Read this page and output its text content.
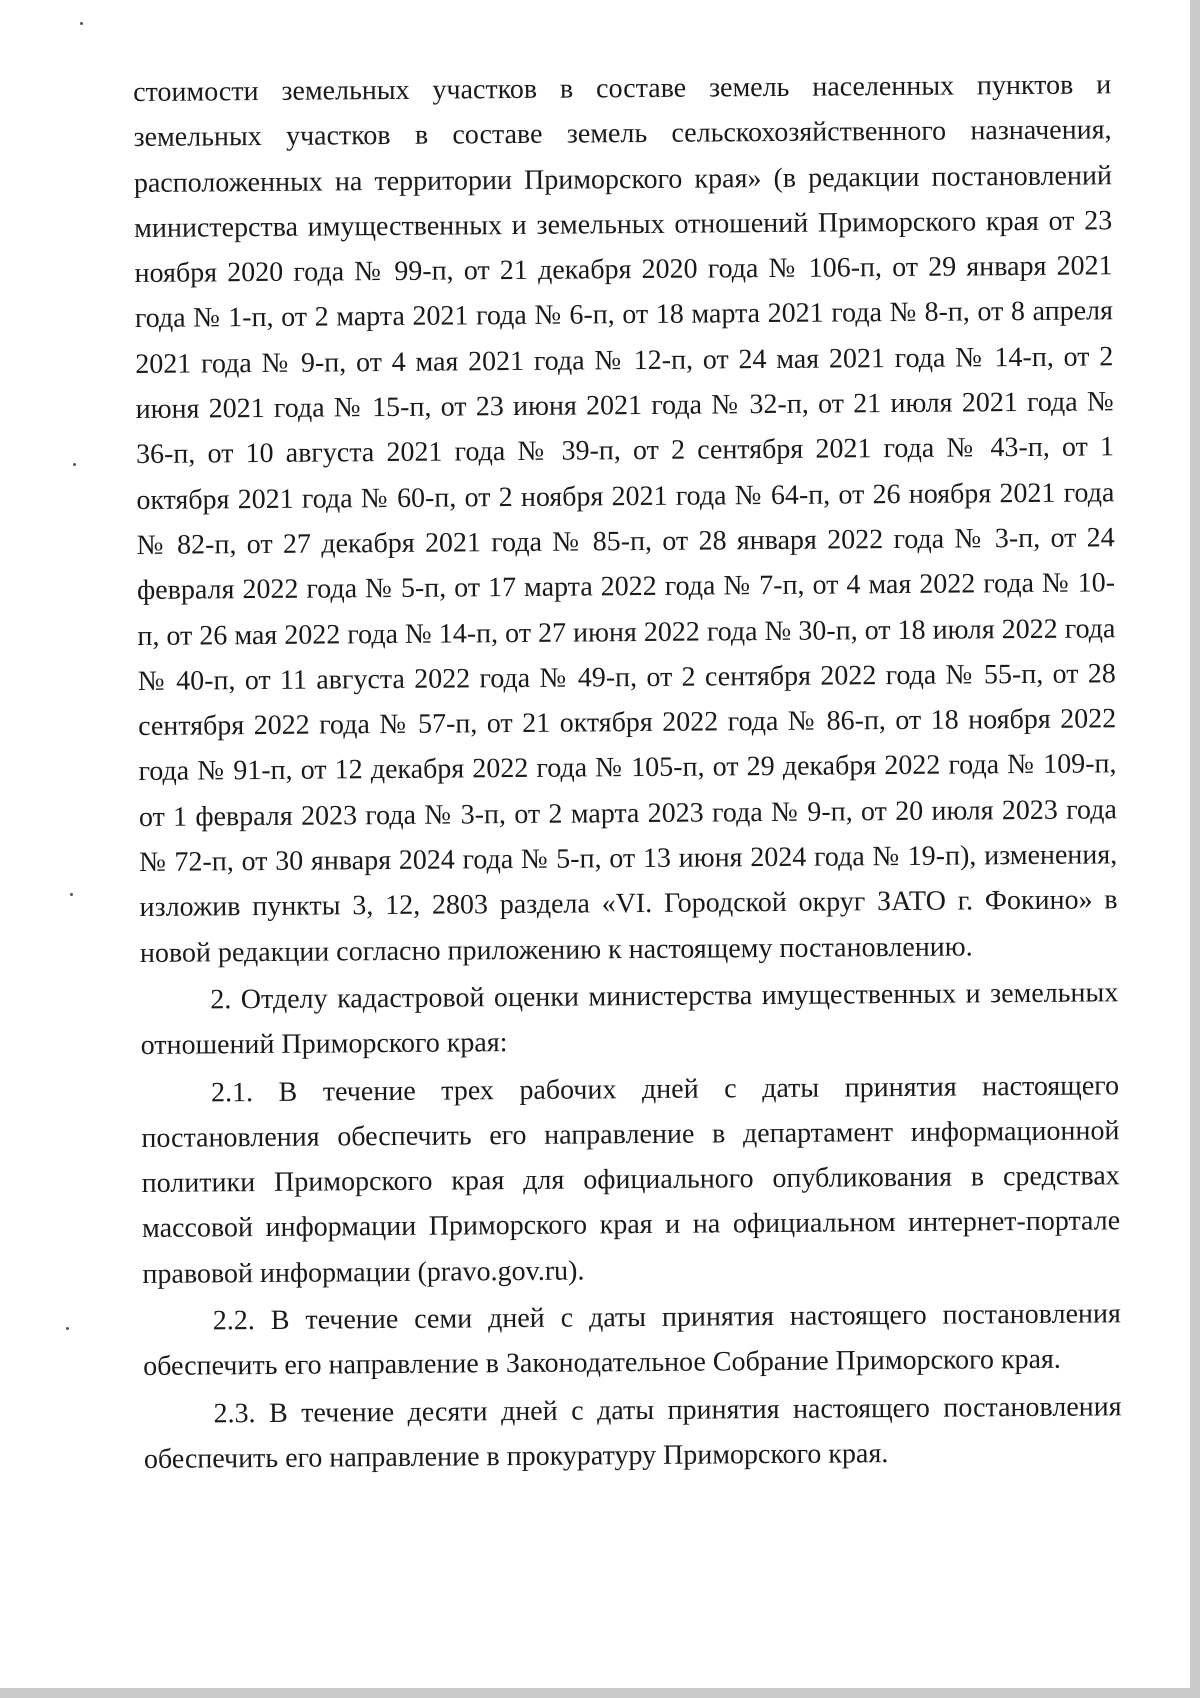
стоимости земельных участков в составе земель населенных пунктов и земельных участков в составе земель сельскохозяйственного назначения, расположенных на территории Приморского края» (в редакции постановлений министерства имущественных и земельных отношений Приморского края от 23 ноября 2020 года № 99-п, от 21 декабря 2020 года № 106-п, от 29 января 2021 года № 1-п, от 2 марта 2021 года № 6-п, от 18 марта 2021 года № 8-п, от 8 апреля 2021 года № 9-п, от 4 мая 2021 года № 12-п, от 24 мая 2021 года № 14-п, от 2 июня 2021 года № 15-п, от 23 июня 2021 года № 32-п, от 21 июля 2021 года № 36-п, от 10 августа 2021 года № 39-п, от 2 сентября 2021 года № 43-п, от 1 октября 2021 года № 60-п, от 2 ноября 2021 года № 64-п, от 26 ноября 2021 года № 82-п, от 27 декабря 2021 года № 85-п, от 28 января 2022 года № 3-п, от 24 февраля 2022 года № 5-п, от 17 марта 2022 года № 7-п, от 4 мая 2022 года № 10-п, от 26 мая 2022 года № 14-п, от 27 июня 2022 года № 30-п, от 18 июля 2022 года № 40-п, от 11 августа 2022 года № 49-п, от 2 сентября 2022 года № 55-п, от 28 сентября 2022 года № 57-п, от 21 октября 2022 года № 86-п, от 18 ноября 2022 года № 91-п, от 12 декабря 2022 года № 105-п, от 29 декабря 2022 года № 109-п, от 1 февраля 2023 года № 3-п, от 2 марта 2023 года № 9-п, от 20 июля 2023 года № 72-п, от 30 января 2024 года № 5-п, от 13 июня 2024 года № 19-п), изменения, изложив пункты 3, 12, 2803 раздела «VI. Городской округ ЗАТО г. Фокино» в новой редакции согласно приложению к настоящему постановлению.

2. Отделу кадастровой оценки министерства имущественных и земельных отношений Приморского края:

2.1. В течение трех рабочих дней с даты принятия настоящего постановления обеспечить его направление в департамент информационной политики Приморского края для официального опубликования в средствах массовой информации Приморского края и на официальном интернет-портале правовой информации (pravo.gov.ru).

2.2. В течение семи дней с даты принятия настоящего постановления обеспечить его направление в Законодательное Собрание Приморского края.

2.3. В течение десяти дней с даты принятия настоящего постановления обеспечить его направление в прокуратуру Приморского края.
